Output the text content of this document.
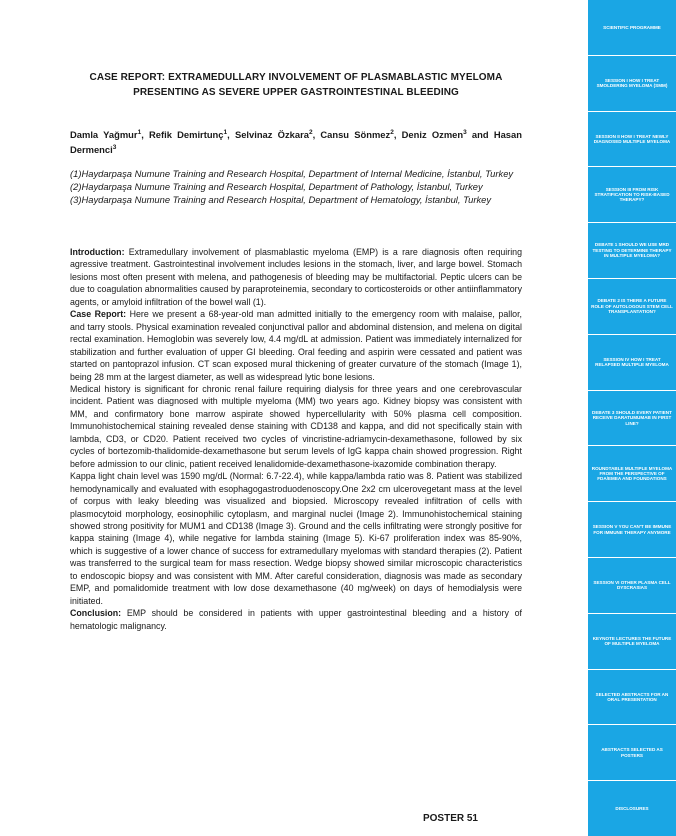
CASE REPORT: EXTRAMEDULLARY INVOLVEMENT OF PLASMABLASTIC MYELOMA PRESENTING AS SEVERE UPPER GASTROINTESTINAL BLEEDING
Damla Yağmur$^1$, Refik Demirtunç$^1$, Selvinaz Özkara$^2$, Cansu Sönmez$^2$, Deniz Ozmen$^3$ and Hasan Dermenci$^3$
(1)Haydarpaşa Numune Training and Research Hospital, Department of Internal Medicine, İstanbul, Turkey
(2)Haydarpaşa Numune Training and Research Hospital, Department of Pathology, İstanbul, Turkey
(3)Haydarpaşa Numune Training and Research Hospital, Department of Hematology, İstanbul, Turkey

Introduction: Extramedullary involvement of plasmablastic myeloma (EMP) is a rare diagnosis often requiring agressive treatment. Gastrointestinal involvement includes lesions in the stomach, liver, and large bowel. Stomach lesions most often present with melena, and pathogenesis of bleeding may be multifactorial. Peptic ulcers can be due to coagulation abnormalities caused by paraproteinemia, secondary to corticosteroids or other antiinflammatory agents, or amyloid infiltration of the bowel wall (1).

Case Report: Here we present a 68-year-old man admitted initially to the emergency room with malaise, pallor, and tarry stools. Physical examination revealed conjunctival pallor and abdominal distension, and melena on digital rectal examination. Hemoglobin was severely low, 4.4 mg/dL at admission. Patient was immediately internalized for stabilization and further evaluation of upper GI bleeding. Oral feeding and aspirin were cessated and patient was started on pantoprazol infusion. CT scan exposed mural thickening of greater curvature of the stomach (Image 1), being 28 mm at the largest diameter, as well as widespread lytic bone lesions.

Medical history is significant for chronic renal failure requiring dialysis for three years and one cerebrovascular incident. Patient was diagnosed with multiple myeloma (MM) two years ago. Kidney biopsy was consistent with MM, and confirmatory bone marrow aspirate showed hypercellularity with 50% plasma cell composition. Immunohistochemical staining revealed dense staining with CD138 and kappa, and did not specifically stain with lambda, CD3, or CD20. Patient received two cycles of vincristine-adriamycin-dexamethasone, followed by six cycles of bortezomib-thalidomide-dexamethasone but serum levels of IgG kappa chain showed progression. Right before admission to our clinic, patient received lenalidomide-dexamethasone-ixazomide combination therapy.

Kappa light chain level was 1590 mg/dL (Normal: 6.7-22.4), while kappa/lambda ratio was 8. Patient was stabilized hemodynamically and evaluated with esophagogastroduodenoscopy.One 2x2 cm ulcerovegetant mass at the level of corpus with leaky bleeding was visualized and biopsied. Microscopy revealed infiltration of cells with plasmocytoid morphology, eosinophilic cytoplasm, and marginal nuclei (Image 2). Immunohistochemical staining showed strong positivity for MUM1 and CD138 (Image 3). Ground and the cells infiltrating were strongly positive for kappa staining (Image 4), while negative for lambda staining (Image 5). Ki-67 proliferation index was 85-90%, which is suggestive of a lower chance of success for extramedullary myelomas with standard therapies (2). Patient was transferred to the surgical team for mass resection. Wedge biopsy showed similar microscopic characteristics to endoscopic biopsy and was consistent with MM. After careful consideration, diagnosis was made as secondary EMP, and pomalidomide treatment with low dose dexamethasone (40 mg/week) on days of hemodialysis were initiated.

Conclusion: EMP should be considered in patients with upper gastrointestinal bleeding and a history of hematologic malignancy.

POSTER 51
SCIENTIFIC PROGRAMME
SESSION I HOW I TREAT SMOLDERING MYELOMA (SMM)
SESSION II HOW I TREAT NEWLY DIAGNOSED MULTIPLE MYELOMA
SESSION III FROM RISK STRATIFICATION TO RISK-BASED THERAPY?
DEBATE 1 SHOULD WE USE MRD TESTING TO DETERMINE THERAPY IN MULTIPLE MYELOMA?
DEBATE 2 IS THERE A FUTURE ROLE OF AUTOLOGOUS STEM CELL TRANSPLANTATION?
SESSION IV HOW I TREAT RELAPSED MULTIPLE MYELOMA
DEBATE 3 SHOULD EVERY PATIENT RECEIVE DARATUMUMAB IN FIRST LINE?
ROUNDTABLE MULTIPLE MYELOMA FROM THE PERSPECTIVE OF FDA/EMEA AND FOUNDATIONS
SESSION V YOU CAN'T BE IMMUNE FOR IMMUNE THERAPY ANYMORE
SESSION VI OTHER PLASMA CELL DYSCRASIAS
KEYNOTE LECTURES THE FUTURE OF MULTIPLE MYELOMA
SELECTED ABSTRACTS FOR AN ORAL PRESENTATION
ABSTRACTS SELECTED AS POSTERS
DISCLOSURES
